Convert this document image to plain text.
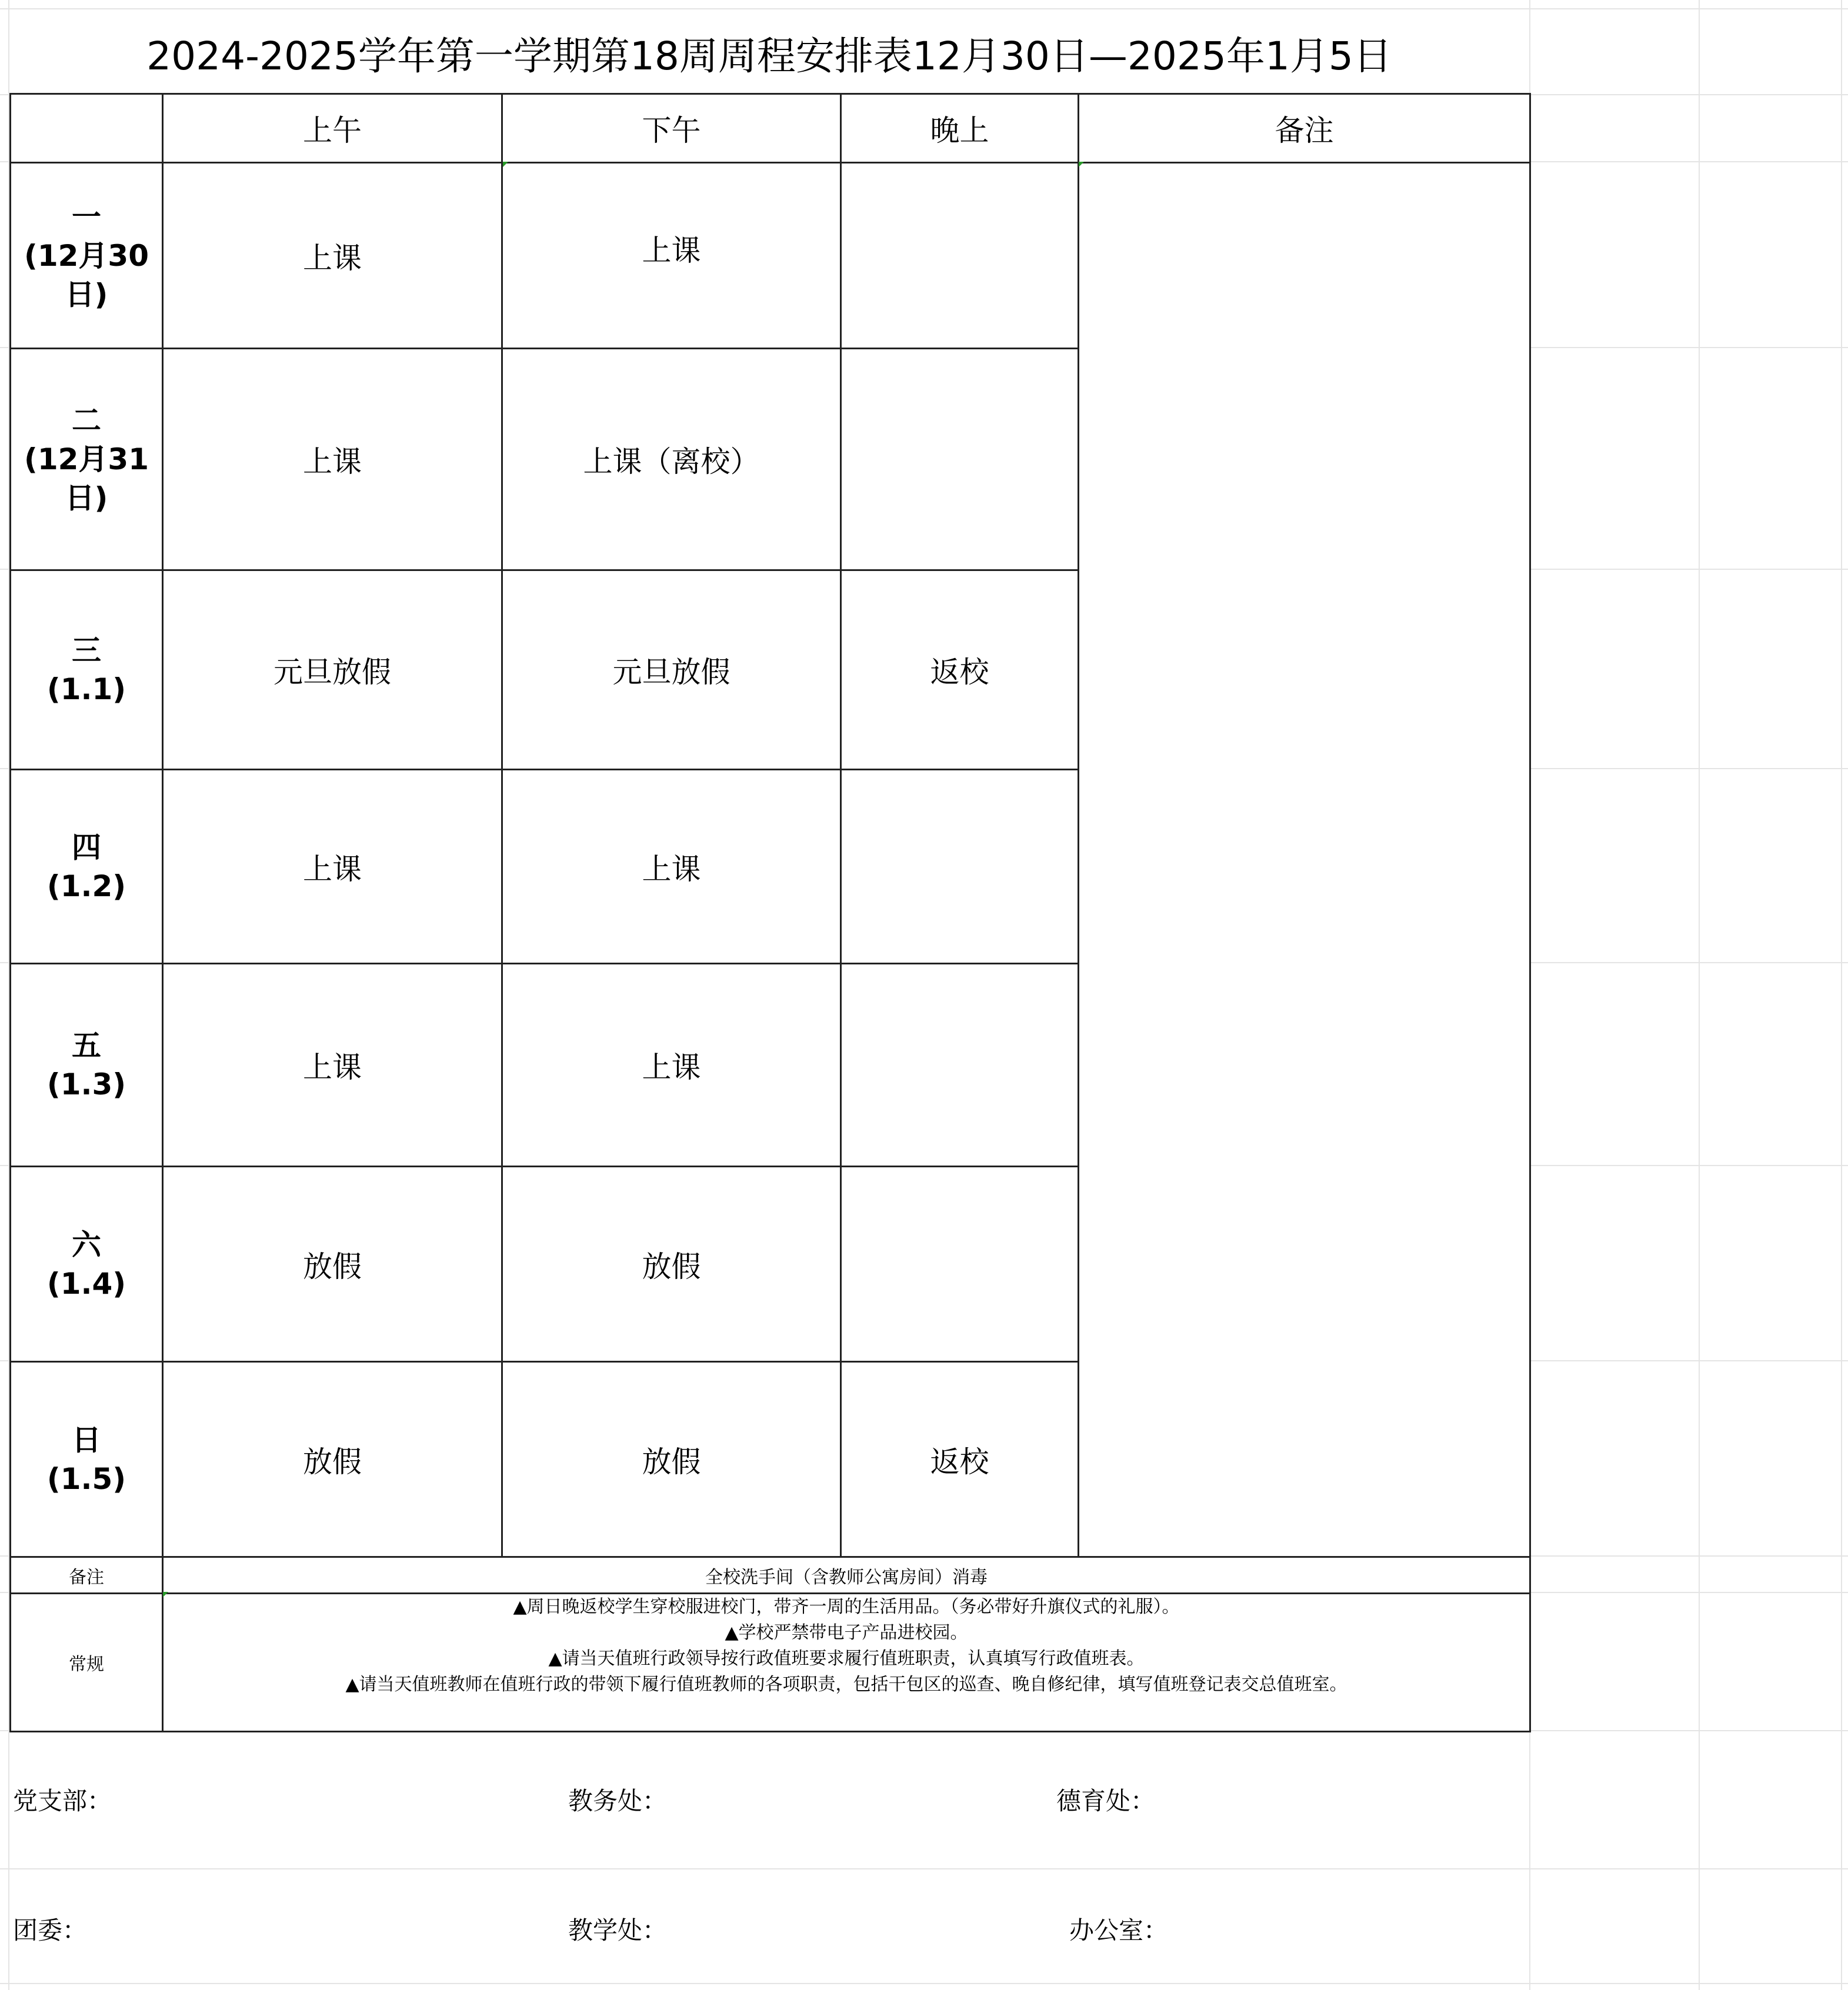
2024-2025学年第一学期第18周周程安排表12月30日—2025年1月5日
	上午	下午	晚上	备注

一
(12月30日)	上课	上课		

二
(12月31日)	上课	上课（离校）		

三
(1.1)	元旦放假	元旦放假	返校	

四
(1.2)	上课	上课		

五
(1.3)	上课	上课		

六
(1.4)	放假	放假		

日
(1.5)	放假	放假	返校	
备注	全校洗手间（含教师公寓房间）消毒			
常规	▲周日晚返校学生穿校服进校门，带齐一周的生活用品。（务必带好升旗仪式的礼服）。
▲学校严禁带电子产品进校园。
▲请当天值班行政领导按行政值班要求履行值班职责，认真填写行政值班表。
▲请当天值班教师在值班行政的带领下履行值班教师的各项职责，包括干包区的巡查、晚自修纪律，填写值班登记表交总值班室。			
党支部：	教务处：	德育处：
团委：	教学处：	办公室：
